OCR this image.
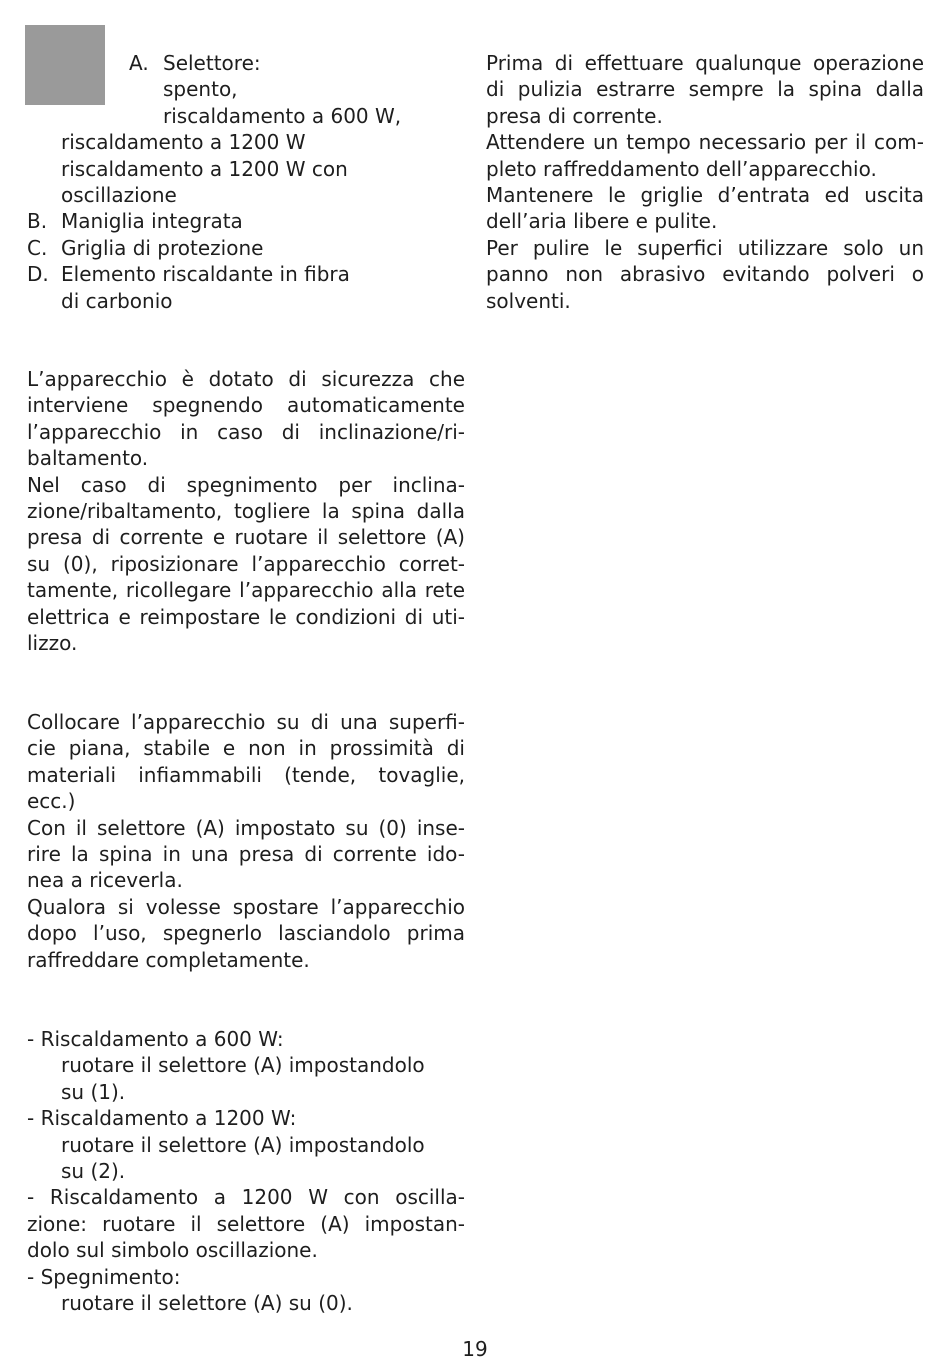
A. Selettore:
spento,
riscaldamento a 600 W,
riscaldamento a 1200 W
riscaldamento a 1200 W con
oscillazione
B. Maniglia integrata
C. Griglia di protezione
D. Elemento riscaldante in fibra
di carbonio
L’apparecchio è dotato di sicurezza che
interviene spegnendo automaticamente
l’apparecchio in caso di inclinazione/ri-
baltamento.
Nel caso di spegnimento per inclina-
zione/ribaltamento, togliere la spina dalla
presa di corrente e ruotare il selettore (A)
su (0), riposizionare l’apparecchio corret-
tamente, ricollegare l’apparecchio alla rete
elettrica e reimpostare le condizioni di uti-
lizzo.
Collocare l’apparecchio su di una superfi-
cie piana, stabile e non in prossimità di
materiali infiammabili (tende, tovaglie,
ecc.)
Con il selettore (A) impostato su (0) inse-
rire la spina in una presa di corrente ido-
nea a riceverla.
Qualora si volesse spostare l’apparecchio
dopo l’uso, spegnerlo lasciandolo prima
raffreddare completamente.
- Riscaldamento a 600 W:
ruotare il selettore (A) impostandolo
su (1).
- Riscaldamento a 1200 W:
ruotare il selettore (A) impostandolo
su (2).
- Riscaldamento a 1200 W con oscilla-
zione: ruotare il selettore (A) impostan-
dolo sul simbolo oscillazione.
- Spegnimento:
ruotare il selettore (A) su (0).
Prima di effettuare qualunque operazione
di pulizia estrarre sempre la spina dalla
presa di corrente.
Attendere un tempo necessario per il com-
pleto raffreddamento dell’apparecchio.
Mantenere le griglie d’entrata ed uscita
dell’aria libere e pulite.
Per pulire le superfici utilizzare solo un
panno non abrasivo evitando polveri o
solventi.
19
